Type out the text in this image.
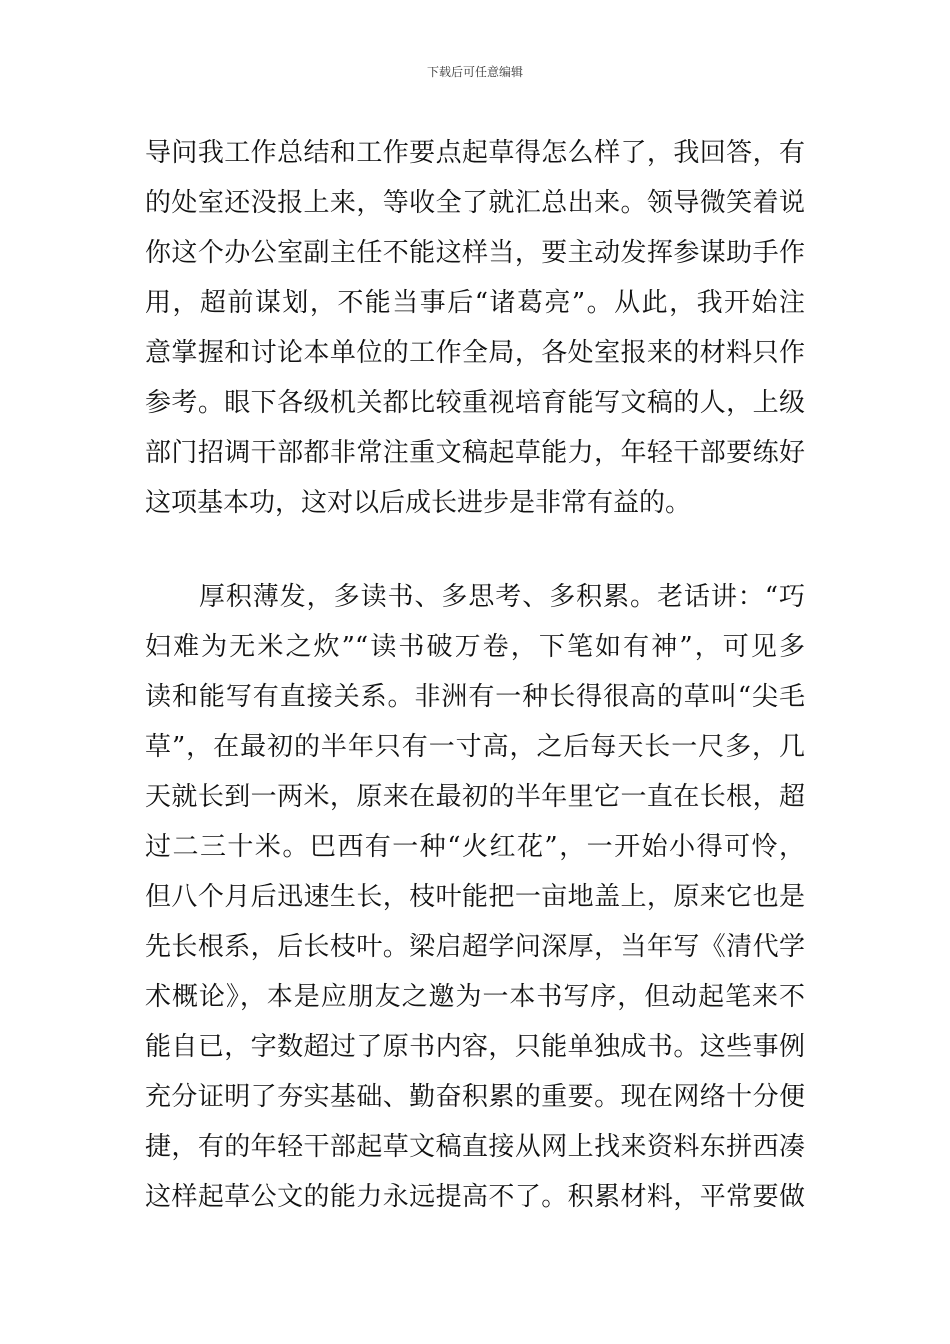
下载后可任意编辑
导问我工作总结和工作要点起草得怎么样了，我回答，有
的处室还没报上来，等收全了就汇总出来。领导微笑着说
你这个办公室副主任不能这样当，要主动发挥参谋助手作
用，超前谋划，不能当事后“诸葛亮”。从此，我开始注
意掌握和讨论本单位的工作全局，各处室报来的材料只作
参考。眼下各级机关都比较重视培育能写文稿的人，上级
部门招调干部都非常注重文稿起草能力，年轻干部要练好
这项基本功，这对以后成长进步是非常有益的。
　　厚积薄发，多读书、多思考、多积累。老话讲：“巧
妇难为无米之炊”“读书破万卷，下笔如有神”，可见多
读和能写有直接关系。非洲有一种长得很高的草叫“尖毛
草”，在最初的半年只有一寸高，之后每天长一尺多，几
天就长到一两米，原来在最初的半年里它一直在长根，超
过二三十米。巴西有一种“火红花”，一开始小得可怜，
但八个月后迅速生长，枝叶能把一亩地盖上，原来它也是
先长根系，后长枝叶。梁启超学问深厚，当年写《清代学
术概论》，本是应朋友之邀为一本书写序，但动起笔来不
能自已，字数超过了原书内容，只能单独成书。这些事例
充分证明了夯实基础、勤奋积累的重要。现在网络十分便
捷，有的年轻干部起草文稿直接从网上找来资料东拼西凑
这样起草公文的能力永远提高不了。积累材料，平常要做
